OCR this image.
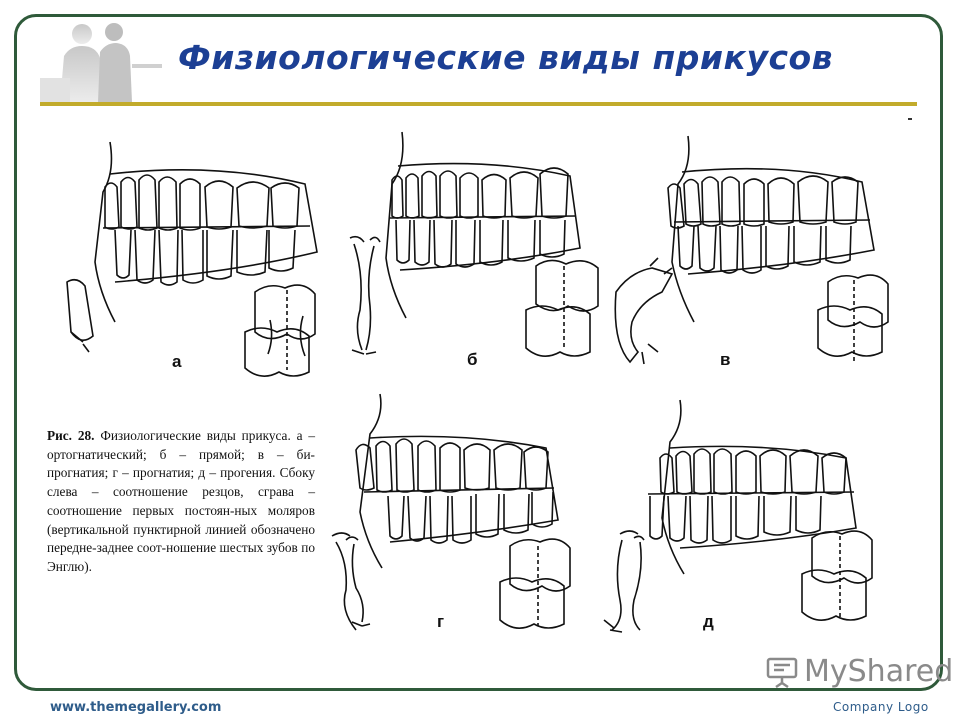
Физиологические виды прикусов
а	б	в

Рис. 28. Физиологические виды прикуса. а – ортогнатический; б – прямой; в – би-прогнатия; г – прогнатия; д – прогения. Сбоку слева – соотношение резцов, сграва – соотношение первых постоян-ных моляров (вертикальной пунктирной линией обозначено передне-заднее соот-ношение шестых зубов по Энглю).

г	д
MyShared

www.themegallery.com	Company Logo
